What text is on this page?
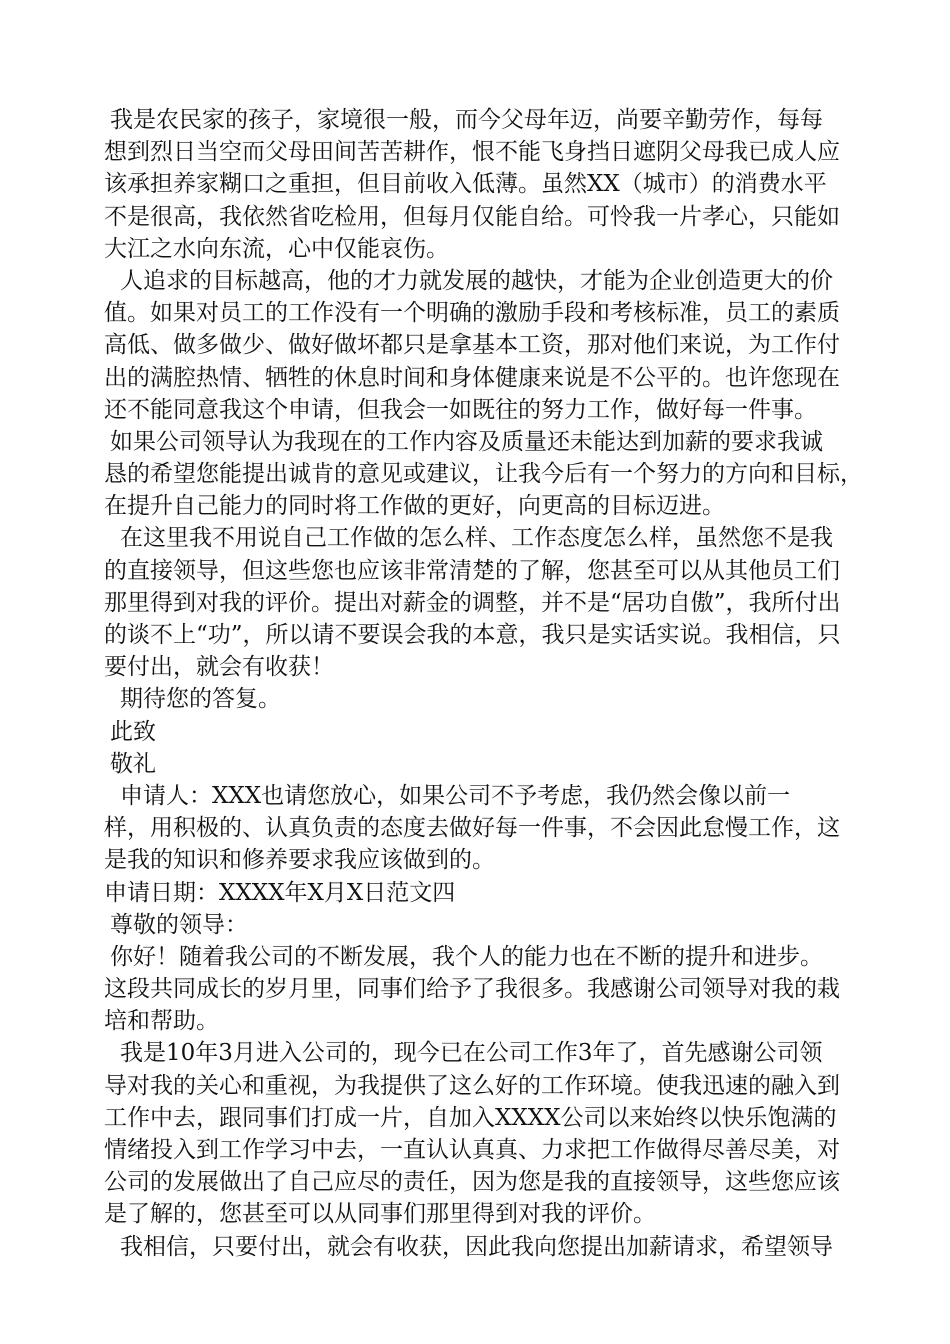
我是农民家的孩子，家境很一般，而今父母年迈，尚要辛勤劳作，每每
想到烈日当空而父母田间苦苦耕作，恨不能飞身挡日遮阴父母我已成人应
该承担养家糊口之重担，但目前收入低薄。虽然XX（城市）的消费水平
不是很高，我依然省吃检用，但每月仅能自给。可怜我一片孝心，只能如
大江之水向东流，心中仅能哀伤。
人追求的目标越高，他的才力就发展的越快，才能为企业创造更大的价
值。如果对员工的工作没有一个明确的激励手段和考核标准，员工的素质
高低、做多做少、做好做坏都只是拿基本工资，那对他们来说，为工作付
出的满腔热情、牺牲的休息时间和身体健康来说是不公平的。也许您现在
还不能同意我这个申请，但我会一如既往的努力工作，做好每一件事。
如果公司领导认为我现在的工作内容及质量还未能达到加薪的要求我诚
恳的希望您能提出诚肯的意见或建议，让我今后有一个努力的方向和目标，
在提升自己能力的同时将工作做的更好，向更高的目标迈进。
在这里我不用说自己工作做的怎么样、工作态度怎么样，虽然您不是我
的直接领导，但这些您也应该非常清楚的了解，您甚至可以从其他员工们
那里得到对我的评价。提出对薪金的调整，并不是“居功自傲”，我所付出
的谈不上“功”，所以请不要误会我的本意，我只是实话实说。我相信，只
要付出，就会有收获！
期待您的答复。
此致
敬礼
申请人：XXX也请您放心，如果公司不予考虑，我仍然会像以前一
样，用积极的、认真负责的态度去做好每一件事，不会因此怠慢工作，这
是我的知识和修养要求我应该做到的。
申请日期：XXXX年X月X日范文四
尊敬的领导：
你好！随着我公司的不断发展，我个人的能力也在不断的提升和进步。
这段共同成长的岁月里，同事们给予了我很多。我感谢公司领导对我的栽
培和帮助。
我是10年3月进入公司的，现今已在公司工作3年了，首先感谢公司领
导对我的关心和重视，为我提供了这么好的工作环境。使我迅速的融入到
工作中去，跟同事们打成一片，自加入XXXX公司以来始终以快乐饱满的
情绪投入到工作学习中去，一直认认真真、力求把工作做得尽善尽美，对
公司的发展做出了自己应尽的责任，因为您是我的直接领导，这些您应该
是了解的，您甚至可以从同事们那里得到对我的评价。
我相信，只要付出，就会有收获，因此我向您提出加薪请求，希望领导
